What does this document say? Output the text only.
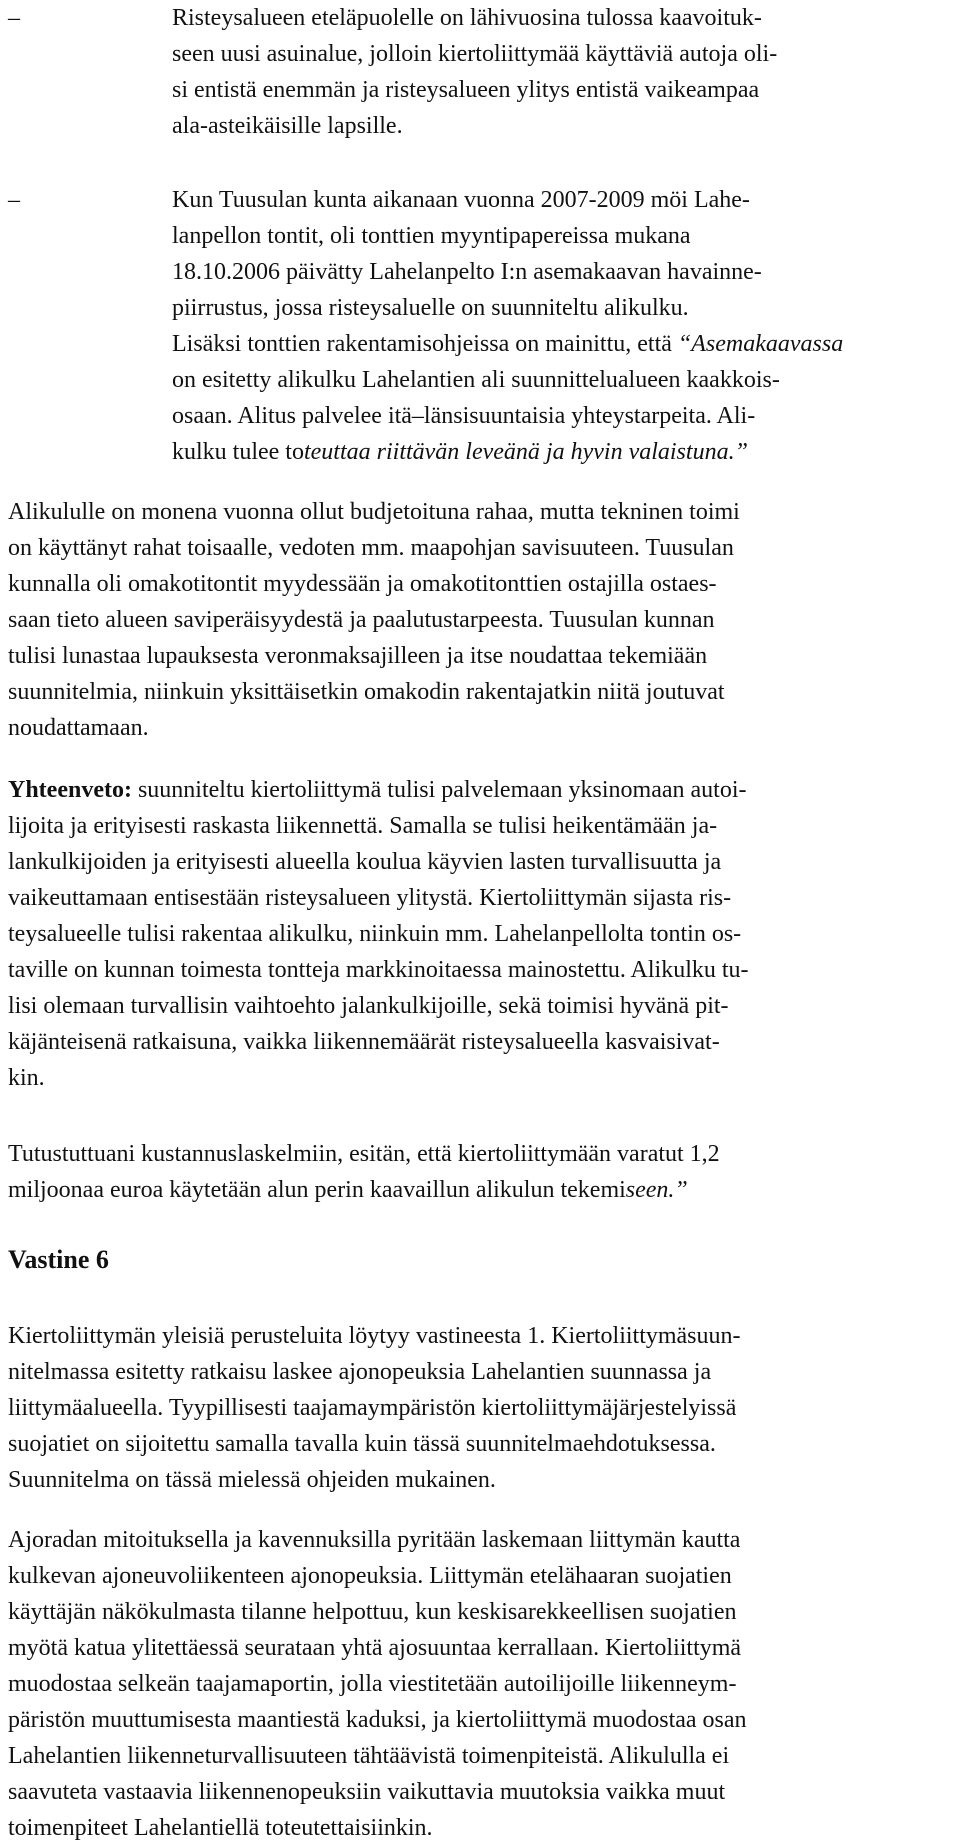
–	Risteysalueen eteläpuolelle on lähivuosina tulossa kaavoituk-
seen uusi asuinalue, jolloin kiertoliittymää käyttäviä autoja oli-
si entistä enemmän ja risteysalueen ylitys entistä vaikeampaa
ala-asteikäisille lapsille.
–	Kun Tuusulan kunta aikanaan vuonna 2007-2009 möi Lahe-
lanpellon tontit, oli tonttien myyntipapereissa mukana
18.10.2006 päivätty Lahelanpelto I:n asemakaavan havainne-
piirrustus, jossa risteysaluelle on suunniteltu alikulku.
Lisäksi tonttien rakentamisohjeissa on mainittu, että “Asemakaavassa
on esitetty alikulku Lahelantien ali suunnittelualueen kaakkois-
osaan. Alitus palvelee itä–länsisuuntaisia yhteystarpeita. Ali-
kulku tulee toteuttaa riittävän leveänä ja hyvin valaistuna.”
Alikululle on monena vuonna ollut budjetoituna rahaa, mutta tekninen toimi
on käyttänyt rahat toisaalle, vedoten mm. maapohjan savisuuteen. Tuusulan
kunnalla oli omakotitontit myydessään ja omakotitonttien ostajilla ostaes-
saan tieto alueen saviperäisyydestä ja paalutustarpeesta. Tuusulan kunnan
tulisi lunastaa lupauksesta veronmaksajilleen ja itse noudattaa tekemiään
suunnitelmia, niinkuin yksittäisetkin omakodin rakentajatkin niitä joutuvat
noudattamaan.
Yhteenveto: suunniteltu kiertoliittymä tulisi palvelemaan yksinomaan autoi-
lijoita ja erityisesti raskasta liikennettä. Samalla se tulisi heikentämään ja-
lankulkijoiden ja erityisesti alueella koulua käyvien lasten turvallisuutta ja
vaikeuttamaan entisestään risteysalueen ylitystä. Kiertoliittymän sijasta ris-
teysalueelle tulisi rakentaa alikulku, niinkuin mm. Lahelanpellolta tontin os-
taville on kunnan toimesta tontteja markkinoitaessa mainostettu. Alikulku tu-
lisi olemaan turvallisin vaihtoehto jalankulkijoille, sekä toimisi hyvänä pit-
käjänteisenä ratkaisuna, vaikka liikennemäärät risteysalueella kasvaisivat-
kin.
Tutustuttuani kustannuslaskelmiin, esitän, että kiertoliittymään varatut 1,2
miljoonaa euroa käytetään alun perin kaavaillun alikulun tekemiseen.”
Vastine 6
Kiertoliittymän yleisiä perusteluita löytyy vastineesta 1. Kiertoliittymäsuun-
nitelmassa esitetty ratkaisu laskee ajonopeuksia Lahelantien suunnassa ja
liittymäalueella. Tyypillisesti taajamaympäristön kiertoliittymäjärjestelyissä
suojatiet on sijoitettu samalla tavalla kuin tässä suunnitelmaehdotuksessa.
Suunnitelma on tässä mielessä ohjeiden mukainen.
Ajoradan mitoituksella ja kavennuksilla pyritään laskemaan liittymän kautta
kulkevan ajoneuvoliikenteen ajonopeuksia. Liittymän etelähaaran suojatien
käyttäjän näkökulmasta tilanne helpottuu, kun keskisarekkeellisen suojatien
myötä katua ylitettäessä seurataan yhtä ajosuuntaa kerrallaan. Kiertoliittymä
muodostaa selkeän taajamaportin, jolla viestitetään autoilijoille liikenneym-
päristön muuttumisesta maantiestä kaduksi, ja kiertoliittymä muodostaa osan
Lahelantien liikenneturvallisuuteen tähtäävistä toimenpiteistä. Alikululla ei
saavuteta vastaavia liikennenopeuksiin vaikuttavia muutoksia vaikka muut
toimenpiteet Lahelantiellä toteutettaisiinkin.
